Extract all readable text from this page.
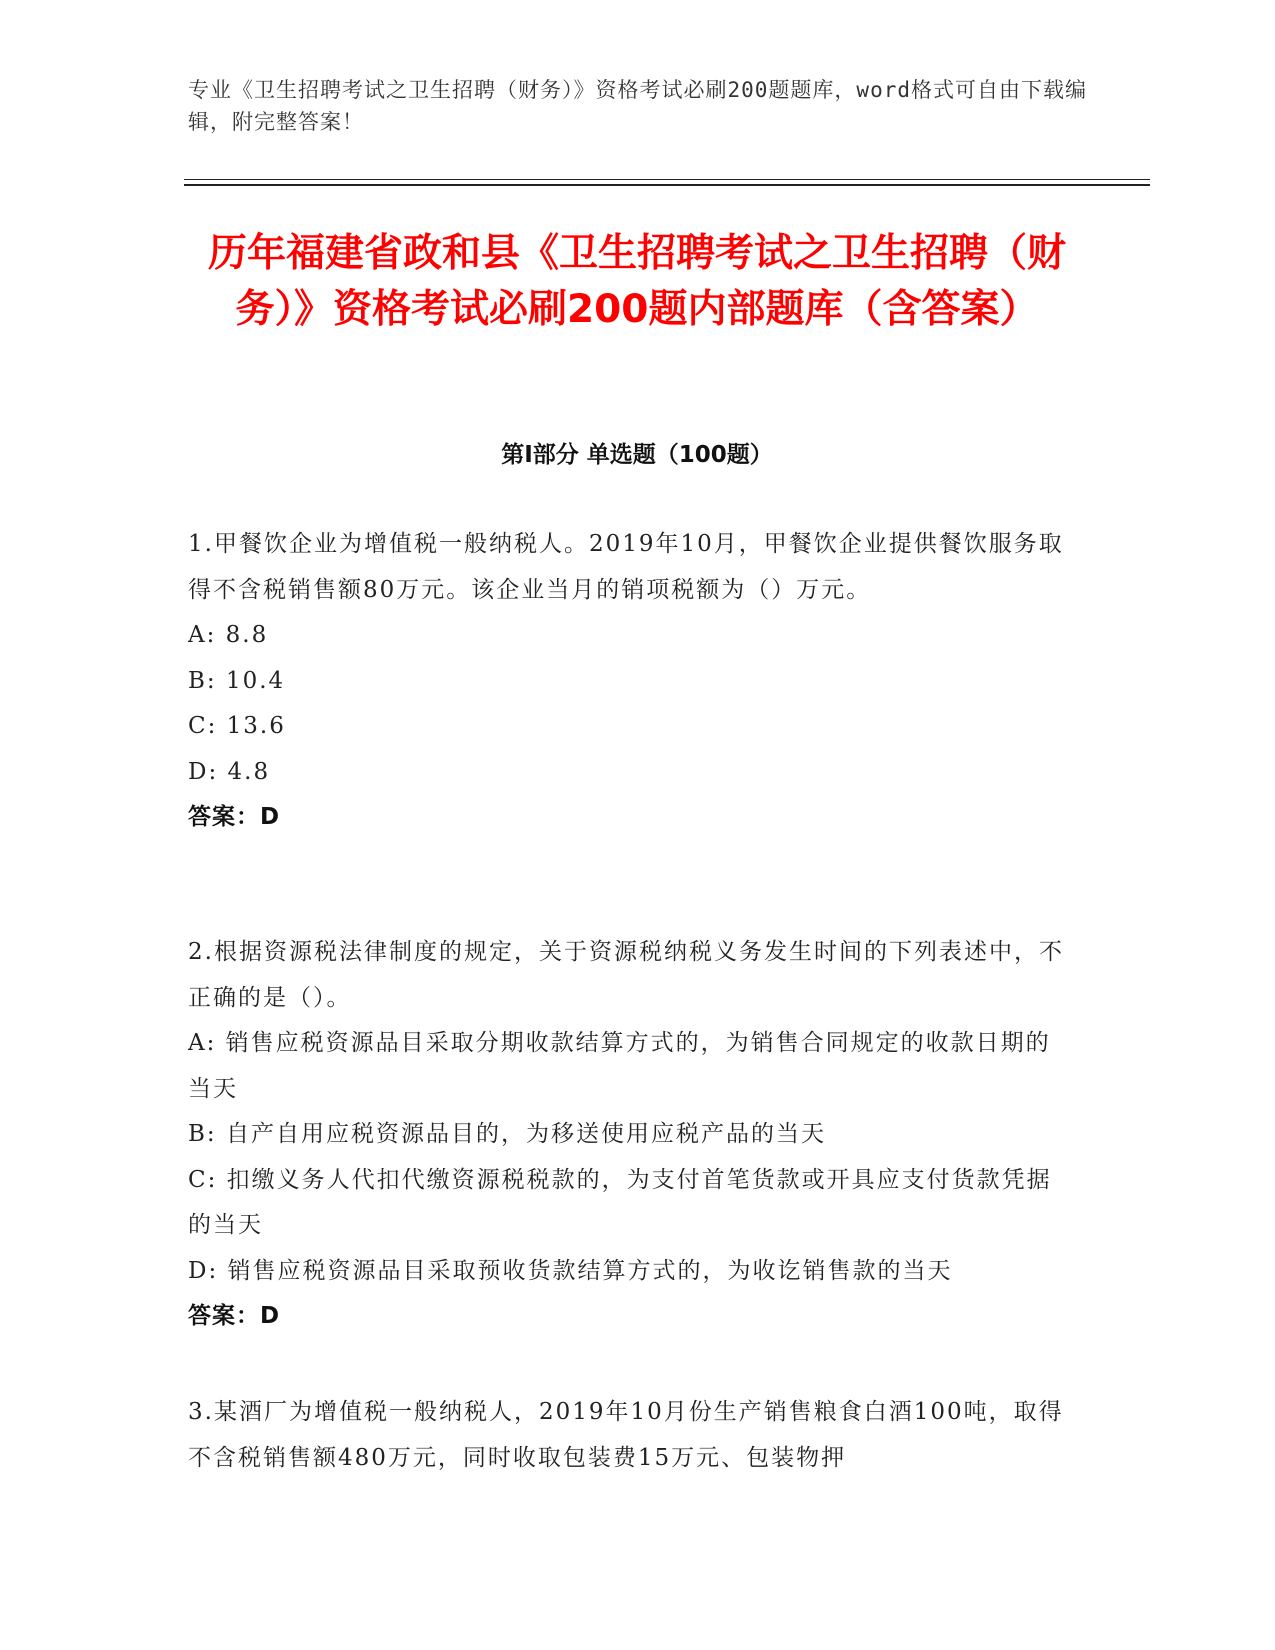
专业《卫生招聘考试之卫生招聘（财务）》资格考试必刷200题题库，word格式可自由下载编辑，附完整答案！
历年福建省政和县《卫生招聘考试之卫生招聘（财务）》资格考试必刷200题内部题库（含答案）
第I部分 单选题（100题）

1.甲餐饮企业为增值税一般纳税人。2019年10月，甲餐饮企业提供餐饮服务取得不含税销售额80万元。该企业当月的销项税额为（）万元。

A: 8.8

B: 10.4

C: 13.6

D: 4.8

答案：D

2.根据资源税法律制度的规定，关于资源税纳税义务发生时间的下列表述中，不正确的是（）。

A: 销售应税资源品目采取分期收款结算方式的，为销售合同规定的收款日期的当天

B: 自产自用应税资源品目的，为移送使用应税产品的当天

C: 扣缴义务人代扣代缴资源税税款的，为支付首笔货款或开具应支付货款凭据的当天

D: 销售应税资源品目采取预收货款结算方式的，为收讫销售款的当天

答案：D

3.某酒厂为增值税一般纳税人，2019年10月份生产销售粮食白酒100吨，取得不含税销售额480万元，同时收取包装费15万元、包装物押
